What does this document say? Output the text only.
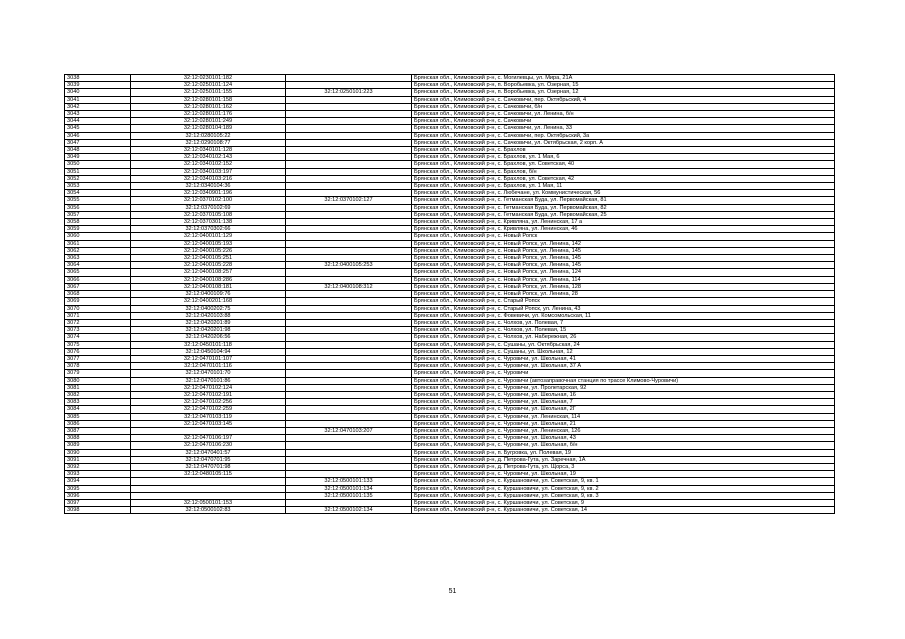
3038	32:12:0230101:182		Брянская обл., Климовский р-н, с. Могилевцы, ул. Мира, 21А
3039	32:12:0250101:124		Брянская обл., Климовский р-н, п. Воробьевка, ул. Озерная, 15
3040	32:12:0250101:155	32:12:0250101:223	Брянская обл., Климовский р-н, п. Воробьевка, ул. Озерная, 12
3041	32:12:0280101:158		Брянская обл., Климовский р-н, с. Сачковичи, пер. Октябрьский, 4
3042	32:12:0280101:162		Брянская обл., Климовский р-н, с. Сачковичи, б/н
3043	32:12:0280101:176		Брянская обл., Климовский р-н, с. Сачковичи, ул. Ленина, б/н
3044	32:12:0280101:249		Брянская обл., Климовский р-н, с. Сачковичи
3045	32:12:0280104:189		Брянская обл., Климовский р-н, с. Сачковичи, ул. Ленина, 33
3046	32:12:0280105:22		Брянская обл., Климовский р-н, с. Сачковичи, пер. Октябрьский, 3а
3047	32:12:0290108:77		Брянская обл., Климовский р-н, с. Сачковичи, ул. Октябрьская, 2 корп. А
3048	32:12:0340101:128		Брянская обл., Климовский р-н, с. Брахлов
3049	32:12:0340102:143		Брянская обл., Климовский р-н, с. Брахлов, ул. 1 Мая, 6
3050	32:12:0340102:152		Брянская обл., Климовский р-н, с. Брахлов, ул. Советская, 40
3051	32:12:0340103:197		Брянская обл., Климовский р-н, с. Брахлов, б/н
3052	32:12:0340103:216		Брянская обл., Климовский р-н, с. Брахлов, ул. Советская, 42
3053	32:12:0340104:36		Брянская обл., Климовский р-н, с. Брахлов, ул. 1 Мая, 11
3054	32:12:0340901:196		Брянская обл., Климовский р-н, с. Любечане, ул. Коммунистическая, 56
3055	32:12:0370102:100	32:12:0370102:127	Брянская обл., Климовский р-н, с. Гетманская Буда, ул. Первомайская, 81
3056	32:12:0370102:69		Брянская обл., Климовский р-н, с. Гетманская Буда, ул. Первомайская, 82
3057	32:12:0370105:108		Брянская обл., Климовский р-н, с. Гетманская Буда, ул. Первомайская, 25
3058	32:12:0370301:138		Брянская обл., Климовский р-н, с. Кривляна, ул. Ленинская, 17 а
3059	32:12:0370302:66		Брянская обл., Климовский р-н, с. Кривляна, ул. Ленинская, 46
3060	32:12:0400101:129		Брянская обл., Климовский р-н, с. Новый Ропск
3061	32:12:0400105:193		Брянская обл., Климовский р-н, с. Новый Ропск, ул. Ленина, 142
3062	32:12:0400105:226		Брянская обл., Климовский р-н, с. Новый Ропск, ул. Ленина, 145
3063	32:12:0400105:251		Брянская обл., Климовский р-н, с. Новый Ропск, ул. Ленина, 145
3064	32:12:0400105:228	32:12:0400105:253	Брянская обл., Климовский р-н, с. Новый Ропск, ул. Ленина, 145
3065	32:12:0400108:257		Брянская обл., Климовский р-н, с. Новый Ропск, ул. Ленина, 124
3066	32:12:0400108:286		Брянская обл., Климовский р-н, с. Новый Ропск, ул. Ленина, 114
3067	32:12:0400108:181	32:12:0400108:312	Брянская обл., Климовский р-н, с. Новый Ропск, ул. Ленина, 128
3068	32:12:0400109:76		Брянская обл., Климовский р-н, с. Новый Ропск, ул. Ленина, 28
3069	32:12:0400201:168		Брянская обл., Климовский р-н, с. Старый Ропск
3070	32:12:0400202:75		Брянская обл., Климовский р-н, с. Старый Ропск, ул. Ленина, 43
3071	32:12:0420103:88		Брянская обл., Климовский р-н, с. Фовевичи, ул. Комсомольская, 11
3072	32:12:0420201:89		Брянская обл., Климовский р-н, с. Чолхов, ул. Полевая, 7
3073	32:12:0420201:98		Брянская обл., Климовский р-н, с. Чолхов, ул. Полевая, 15
3074	32:12:0420206:56		Брянская обл., Климовский р-н, с. Чолхов, ул. Набережная, 26
3075	32:12:0450101:118		Брянская обл., Климовский р-н, с. Сушаны, ул. Октябрьская, 24
3076	32:12:0450104:94		Брянская обл., Климовский р-н, с. Сушаны, ул. Школьная, 12
3077	32:12:0470101:107		Брянская обл., Климовский р-н, с. Чуровичи, ул. Школьная, 41
3078	32:12:0470101:116		Брянская обл., Климовский р-н, с. Чуровичи, ул. Школьная, 37 А
3079	32:12:0470101:70		Брянская обл., Климовский р-н, с. Чуровичи
3080	32:12:0470101:86		Брянская обл., Климовский р-н, с. Чуровичи (автозаправочная станция по трассе Климово-Чуровичи)
3081	32:12:0470102:124		Брянская обл., Климовский р-н, с. Чуровичи, ул. Пролетарская, 92
3082	32:12:0470102:191		Брянская обл., Климовский р-н, с. Чуровичи, ул. Школьная, 16
3083	32:12:0470102:256		Брянская обл., Климовский р-н, с. Чуровичи, ул. Школьная, 7
3084	32:12:0470102:259		Брянская обл., Климовский р-н, с. Чуровичи, ул. Школьная, 2Г
3085	32:12:0470103:119		Брянская обл., Климовский р-н, с. Чуровичи, ул. Ленинская, 114
3086	32:12:0470103:145		Брянская обл., Климовский р-н, с. Чуровичи, ул. Школьная, 21
3087		32:12:0470103:207	Брянская обл., Климовский р-н, с. Чуровичи, ул. Ленинская, 126
3088	32:12:0470106:197		Брянская обл., Климовский р-н, с. Чуровичи, ул. Школьная, 43
3089	32:12:0470106:230		Брянская обл., Климовский р-н, с. Чуровичи, ул. Школьная, б/н
3090	32:12:0470401:57		Брянская обл., Климовский р-н, п. Бугровка, ул. Полевая, 19
3091	32:12:0470701:95		Брянская обл., Климовский р-н, д. Петрова-Гута, ул. Заречная, 1А
3092	32:12:0470701:98		Брянская обл., Климовский р-н, д. Петрова-Гута, ул. Щорса, 3
3093	32:12:0480105:115		Брянская обл., Климовский р-н, с. Чуровичи, ул. Школьная, 19
3094		32:12:0500101:133	Брянская обл., Климовский р-н, с. Куршановичи, ул. Советская, 9, кв. 1
3095		32:12:0500101:134	Брянская обл., Климовский р-н, с. Куршановичи, ул. Советская, 9, кв. 2
3096		32:12:0500101:135	Брянская обл., Климовский р-н, с. Куршановичи, ул. Советская, 9, кв. 3
3097	32:12:0500101:153		Брянская обл., Климовский р-н, с. Куршановичи, ул. Советская, 9
3098	32:12:0500102:83	32:12:0500102:134	Брянская обл., Климовский р-н, с. Куршановичи, ул. Советская, 14
51
